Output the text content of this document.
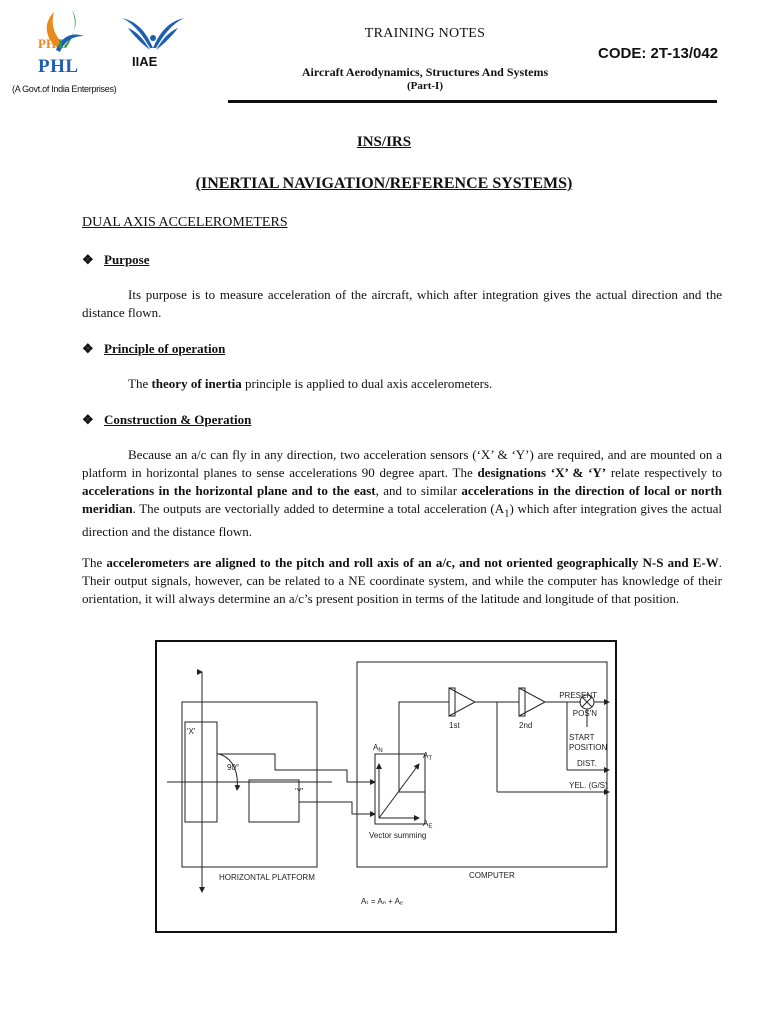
PH L
PHL
(A Govt.of India Enterprises)
IIAE
TRAINING NOTES
Aircraft Aerodynamics, Structures And Systems
(Part-I)
CODE: 2T-13/042
INS/IRS
(INERTIAL NAVIGATION/REFERENCE SYSTEMS)
DUAL AXIS ACCELEROMETERS
❖ Purpose
Its purpose is to measure acceleration of the aircraft, which after integration gives the actual direction and the distance flown.
❖ Principle of operation
The theory of inertia principle is applied to dual axis accelerometers.
❖ Construction & Operation
Because an a/c can fly in any direction, two acceleration sensors (‘X’ & ‘Y’) are required, and are mounted on a platform in horizontal planes to sense accelerations 90 degree apart. The designations ‘X’ & ‘Y’ relate respectively to accelerations in the horizontal plane and to the east, and to similar accelerations in the direction of local or north meridian. The outputs are vectorially added to determine a total acceleration $(A_1)$ which after integration gives the actual direction and the distance flown.
The accelerometers are aligned to the pitch and roll axis of an a/c, and not oriented geographically N-S and E-W. Their output signals, however, can be related to a NE coordinate system, and while the computer has knowledge of their orientation, it will always determine an a/c’s present position in terms of the latitude and longitude of that position.
'X'
'Y'
90°
HORIZONTAL PLATFORM
$A_N$	$A_T$
$A_E$
Vector summing
COMPUTER
Aₜ = Aₙ + Aₑ
1st	2nd
PRESENT
POS'N
START
POSITION
DIST.
YEL. (G/S)
